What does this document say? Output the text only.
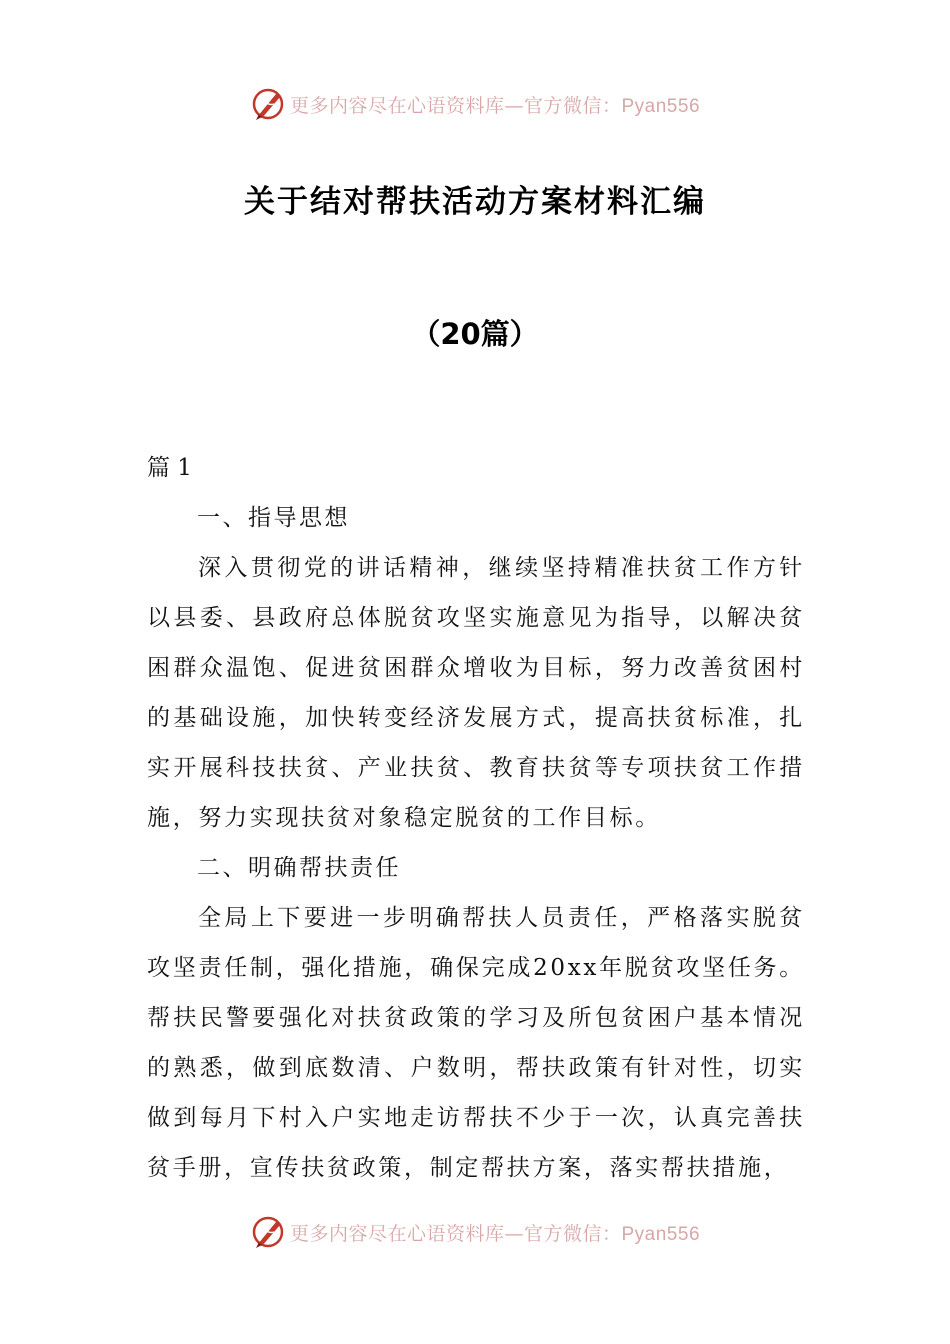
更多内容尽在心语资料库—官方微信：Pyan556
关于结对帮扶活动方案材料汇编
（20篇）
篇 1
一、指导思想
深入贯彻党的讲话精神，继续坚持精准扶贫工作方针以县委、县政府总体脱贫攻坚实施意见为指导，以解决贫困群众温饱、促进贫困群众增收为目标，努力改善贫困村的基础设施，加快转变经济发展方式，提高扶贫标准，扎实开展科技扶贫、产业扶贫、教育扶贫等专项扶贫工作措施，努力实现扶贫对象稳定脱贫的工作目标。
二、明确帮扶责任
全局上下要进一步明确帮扶人员责任，严格落实脱贫攻坚责任制，强化措施，确保完成20xx年脱贫攻坚任务。帮扶民警要强化对扶贫政策的学习及所包贫困户基本情况的熟悉，做到底数清、户数明，帮扶政策有针对性，切实做到每月下村入户实地走访帮扶不少于一次，认真完善扶贫手册，宣传扶贫政策，制定帮扶方案，落实帮扶措施，
更多内容尽在心语资料库—官方微信：Pyan556
